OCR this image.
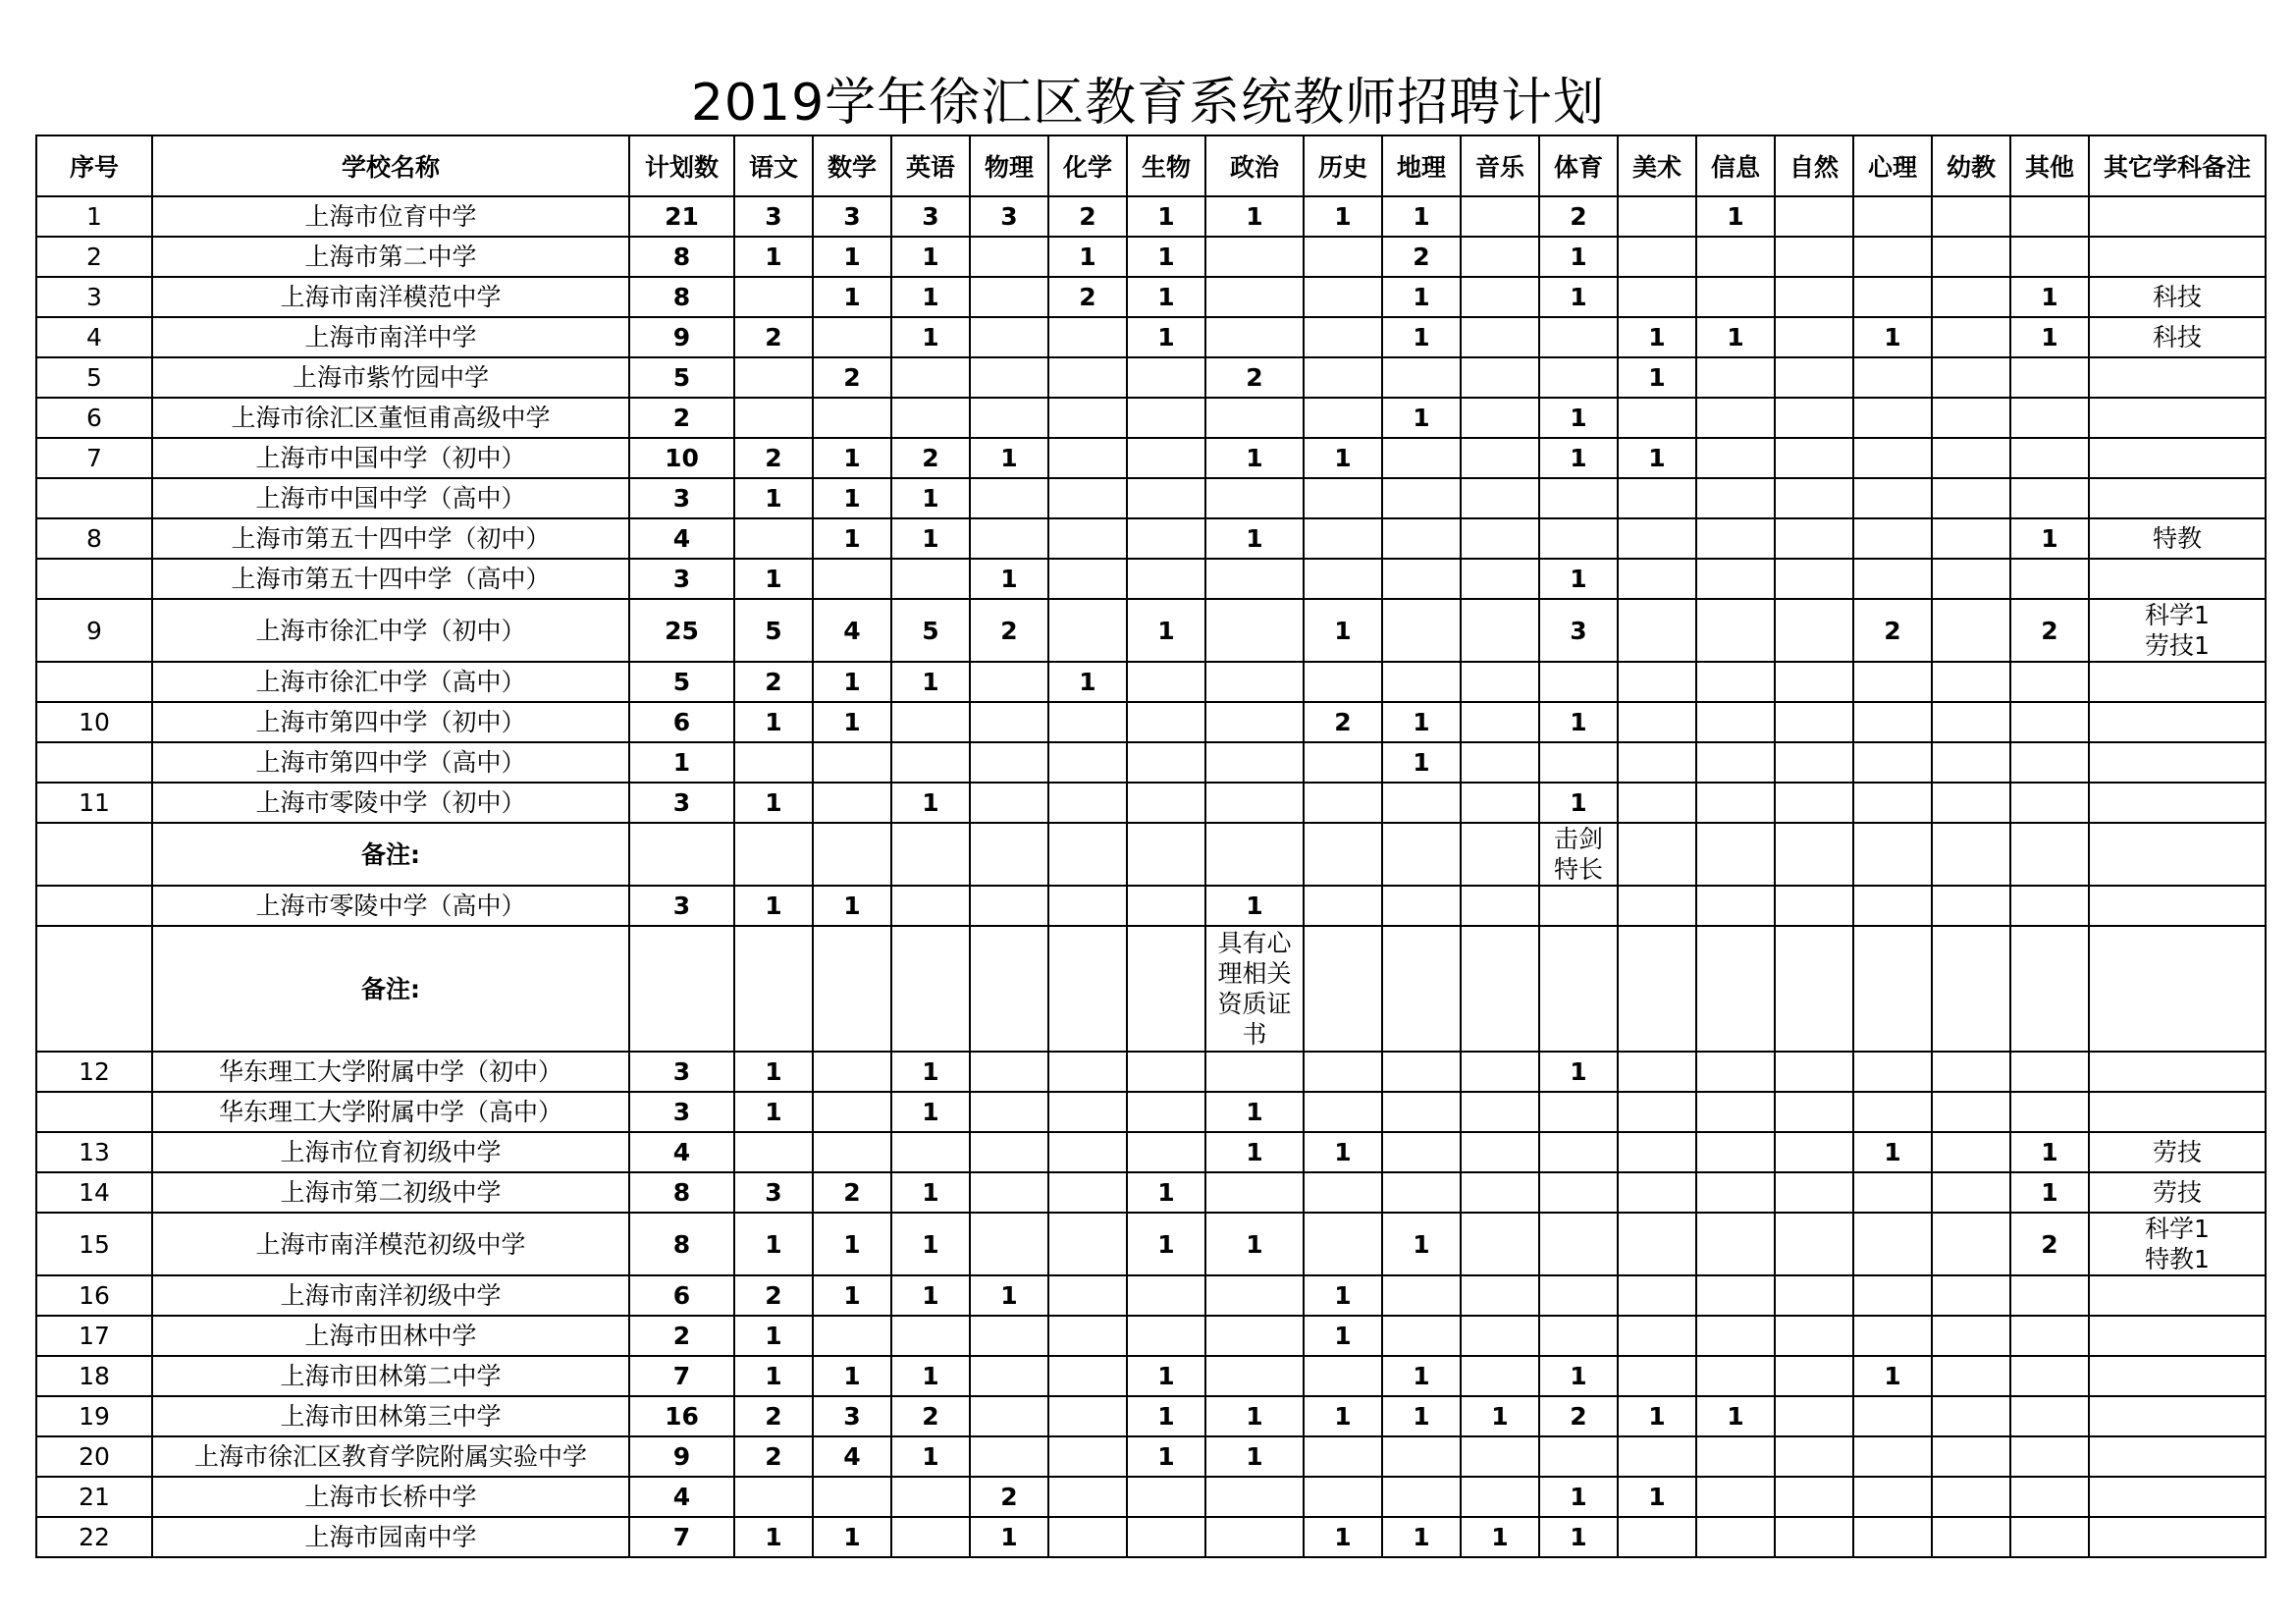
2019学年徐汇区教育系统教师招聘计划
序号	学校名称	计划数	语文	数学	英语	物理	化学	生物	政治	历史	地理	音乐	体育	美术	信息	自然	心理	幼教	其他	其它学科备注
1	上海市位育中学	21	3	3	3	3	2	1	1	1	1		2		1					
2	上海市第二中学	8	1	1	1		1	1			2		1							
3	上海市南洋模范中学	8		1	1		2	1			1		1						1	科技
4	上海市南洋中学	9	2		1			1			1			1	1		1		1	科技
5	上海市紫竹园中学	5		2					2					1						
6	上海市徐汇区董恒甫高级中学	2									1		1							
7	上海市中国中学（初中）	10	2	1	2	1			1	1			1	1						
	上海市中国中学（高中）	3	1	1	1															
8	上海市第五十四中学（初中）	4		1	1				1										1	特教
	上海市第五十四中学（高中）	3	1			1							1							
9	上海市徐汇中学（初中）	25	5	4	5	2		1		1			3				2		2	科学1
劳技1
	上海市徐汇中学（高中）	5	2	1	1		1													
10	上海市第四中学（初中）	6	1	1						2	1		1							
	上海市第四中学（高中）	1									1									
11	上海市零陵中学（初中）	3	1		1								1							
	备注:												击剑
特长							
	上海市零陵中学（高中）	3	1	1					1											
	备注:								具有心
理相关
资质证
书											
12	华东理工大学附属中学（初中）	3	1		1								1							
	华东理工大学附属中学（高中）	3	1		1				1											
13	上海市位育初级中学	4							1	1							1		1	劳技
14	上海市第二初级中学	8	3	2	1			1											1	劳技
15	上海市南洋模范初级中学	8	1	1	1			1	1		1								2	科学1
特教1
16	上海市南洋初级中学	6	2	1	1	1				1										
17	上海市田林中学	2	1							1										
18	上海市田林第二中学	7	1	1	1			1			1		1				1			
19	上海市田林第三中学	16	2	3	2			1	1	1	1	1	2	1	1					
20	上海市徐汇区教育学院附属实验中学	9	2	4	1			1	1											
21	上海市长桥中学	4				2							1	1						
22	上海市园南中学	7	1	1		1				1	1	1	1							
